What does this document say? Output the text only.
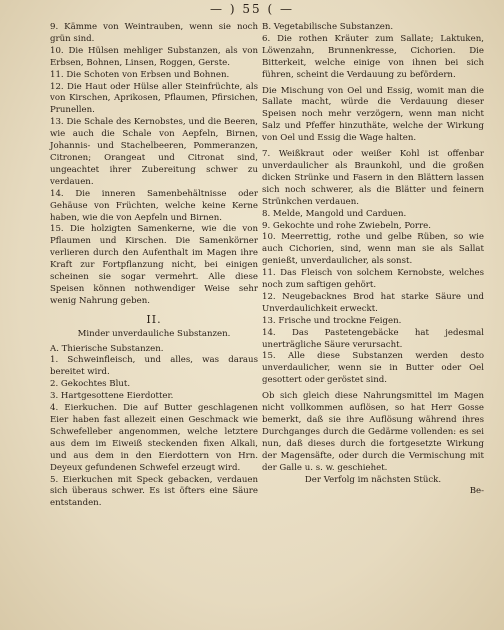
— ) 55 ( —

9. Kämme von Weintrauben, wenn sie noch grün sind.

10. Die Hülsen mehliger Substanzen, als von Erbsen, Bohnen, Linsen, Roggen, Gerste.

11. Die Schoten von Erbsen und Bohnen.

12. Die Haut oder Hülse aller Steinfrüchte, als von Kirschen, Aprikosen, Pflaumen, Pfirsichen, Prunellen.

13. Die Schale des Kernobstes, und die Beeren, wie auch die Schale von Aepfeln, Birnen, Johannis- und Stachelbeeren, Pommeranzen, Citronen; Orangeat und Citronat sind, ungeachtet ihrer Zubereitung schwer zu verdauen.

14. Die inneren Samenbehältnisse oder Gehäuse von Früchten, welche keine Kerne haben, wie die von Aepfeln und Birnen.

15. Die holzigten Samenkerne, wie die von Pflaumen und Kirschen. Die Samenkörner verlieren durch den Aufenthalt im Magen ihre Kraft zur Fortpflanzung nicht, bei einigen scheinen sie sogar vermehrt. Alle diese Speisen können nothwendiger Weise sehr wenig Nahrung geben.

II.

Minder unverdauliche Substanzen.

A. Thierische Substanzen.

1. Schweinfleisch, und alles, was daraus bereitet wird.

2. Gekochtes Blut.

3. Hartgesottene Eierdotter.

4. Eierkuchen. Die auf Butter geschlagenen Eier haben fast allezeit einen Geschmack wie Schwefelleber angenommen, welche letztere aus dem im Eiweiß steckenden fixen Alkali, und aus dem in den Eierdottern von Hrn. Deyeux gefundenen Schwefel erzeugt wird.

5. Eierkuchen mit Speck gebacken, verdauen sich überaus schwer. Es ist öfters eine Säure entstanden.

B. Vegetabilische Substanzen.

6. Die rothen Kräuter zum Sallate; Laktuken, Löwenzahn, Brunnenkresse, Cichorien. Die Bitterkeit, welche einige von ihnen bei sich führen, scheint die Verdauung zu befördern.

Die Mischung von Oel und Essig, womit man die Sallate macht, würde die Verdauung dieser Speisen noch mehr verzögern, wenn man nicht Salz und Pfeffer hinzuthäte, welche der Wirkung von Oel und Essig die Wage halten.

7. Weißkraut oder weißer Kohl ist offenbar unverdaulicher als Braunkohl, und die großen dicken Strünke und Fasern in den Blättern lassen sich noch schwerer, als die Blätter und feinern Strünkchen verdauen.

8. Melde, Mangold und Carduen.

9. Gekochte und rohe Zwiebeln, Porre.

10. Meerrettig, rothe und gelbe Rüben, so wie auch Cichorien, sind, wenn man sie als Sallat genießt, unverdaulicher, als sonst.

11. Das Fleisch von solchem Kernobste, welches noch zum saftigen gehört.

12. Neugebacknes Brod hat starke Säure und Unverdaulichkeit erweckt.

13. Frische und trockne Feigen.

14. Das Pastetengebäcke hat jedesmal unerträgliche Säure verursacht.

15. Alle diese Substanzen werden desto unverdaulicher, wenn sie in Butter oder Oel gesottert oder geröstet sind.

Ob sich gleich diese Nahrungsmittel im Magen nicht vollkommen auflösen, so hat Herr Gosse bemerkt, daß sie ihre Auflösung während ihres Durchganges durch die Gedärme vollenden: es sei nun, daß dieses durch die fortgesetzte Wirkung der Magensäfte, oder durch die Vermischung mit der Galle u. s. w. geschiehet.

Der Verfolg im nächsten Stück.

Be-
